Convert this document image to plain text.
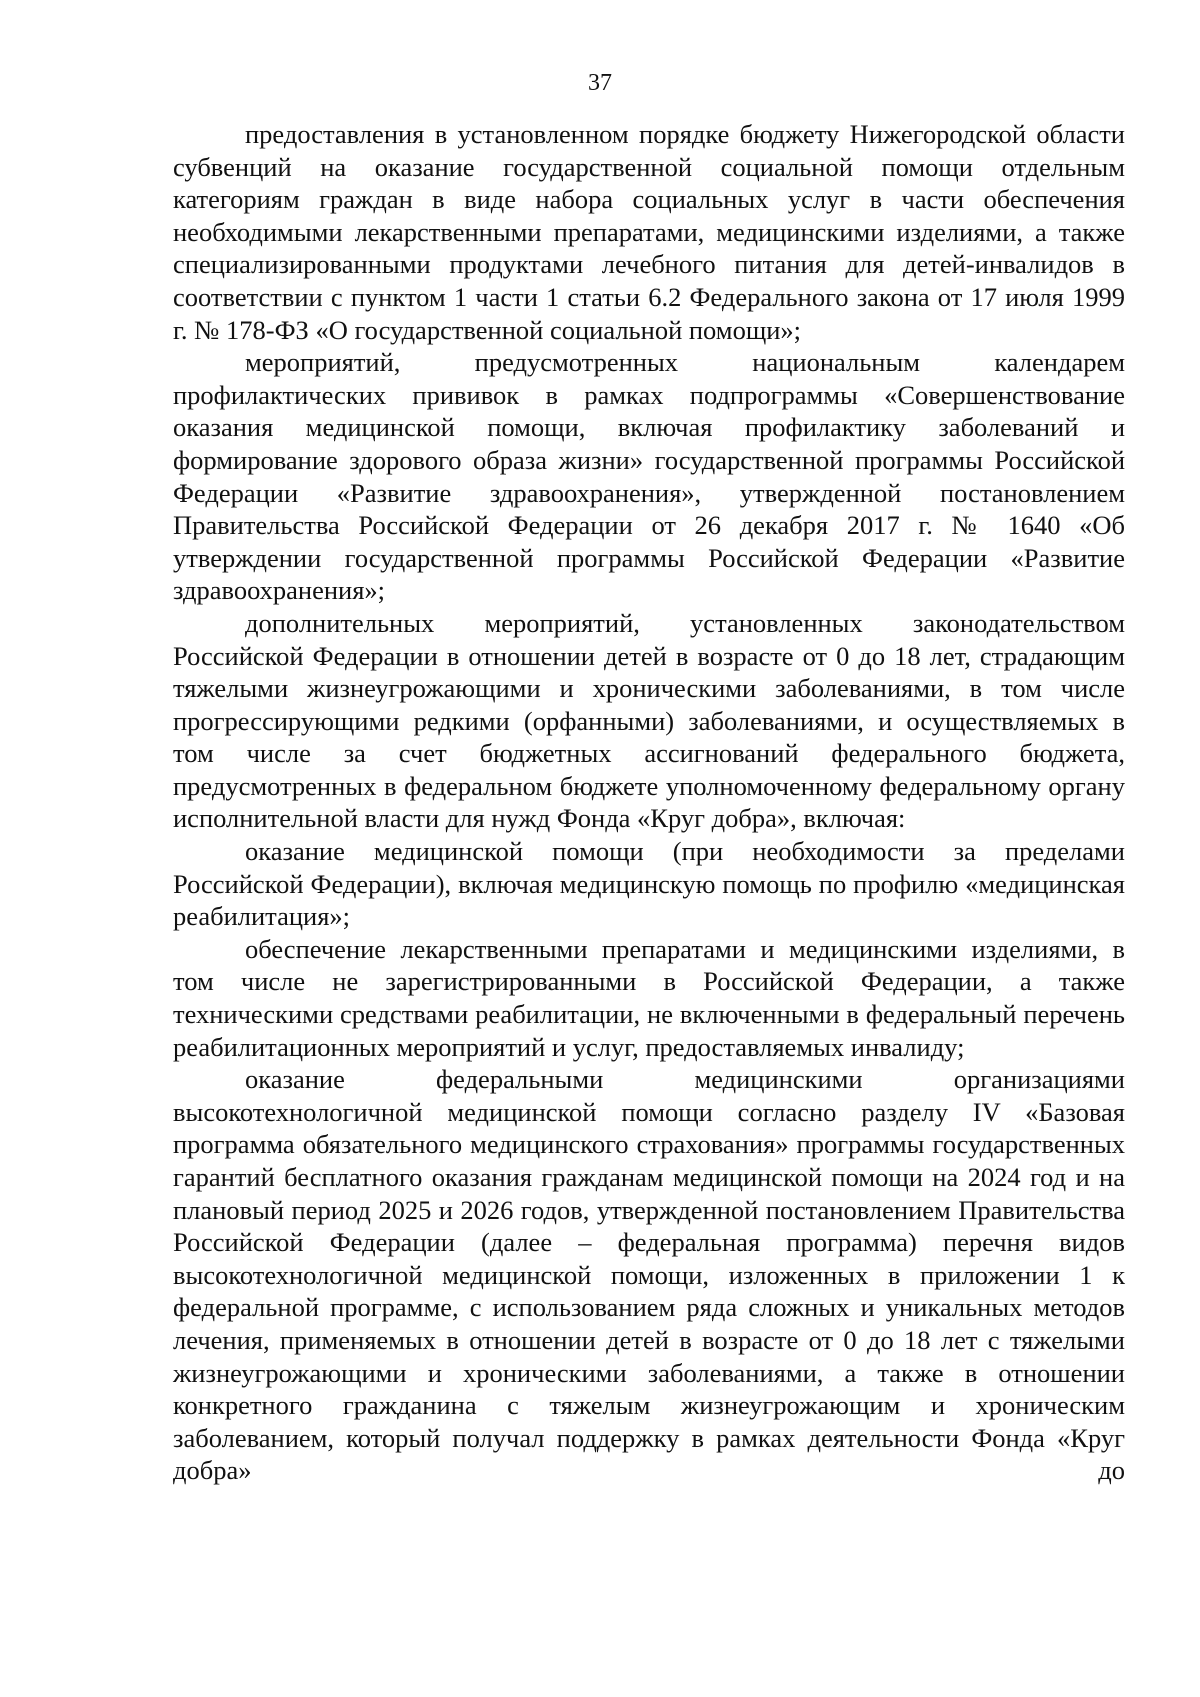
37

предоставления в установленном порядке бюджету Нижегородской области субвенций на оказание государственной социальной помощи отдельным категориям граждан в виде набора социальных услуг в части обеспечения необходимыми лекарственными препаратами, медицинскими изделиями, а также специализированными продуктами лечебного питания для детей-инвалидов в соответствии с пунктом 1 части 1 статьи 6.2 Федерального закона от 17 июля 1999 г. № 178-ФЗ «О государственной социальной помощи»;

мероприятий, предусмотренных национальным календарем профилактических прививок в рамках подпрограммы «Совершенствование оказания медицинской помощи, включая профилактику заболеваний и формирование здорового образа жизни» государственной программы Российской Федерации «Развитие здравоохранения», утвержденной постановлением Правительства Российской Федерации от 26 декабря 2017 г. № 1640 «Об утверждении государственной программы Российской Федерации «Развитие здравоохранения»;

дополнительных мероприятий, установленных законодательством Российской Федерации в отношении детей в возрасте от 0 до 18 лет, страдающим тяжелыми жизнеугрожающими и хроническими заболеваниями, в том числе прогрессирующими редкими (орфанными) заболеваниями, и осуществляемых в том числе за счет бюджетных ассигнований федерального бюджета, предусмотренных в федеральном бюджете уполномоченному федеральному органу исполнительной власти для нужд Фонда «Круг добра», включая:

оказание медицинской помощи (при необходимости за пределами Российской Федерации), включая медицинскую помощь по профилю «медицинская реабилитация»;

обеспечение лекарственными препаратами и медицинскими изделиями, в том числе не зарегистрированными в Российской Федерации, а также техническими средствами реабилитации, не включенными в федеральный перечень реабилитационных мероприятий и услуг, предоставляемых инвалиду;

оказание федеральными медицинскими организациями высокотехнологичной медицинской помощи согласно разделу IV «Базовая программа обязательного медицинского страхования» программы государственных гарантий бесплатного оказания гражданам медицинской помощи на 2024 год и на плановый период 2025 и 2026 годов, утвержденной постановлением Правительства Российской Федерации (далее – федеральная программа) перечня видов высокотехнологичной медицинской помощи, изложенных в приложении 1 к федеральной программе, с использованием ряда сложных и уникальных методов лечения, применяемых в отношении детей в возрасте от 0 до 18 лет с тяжелыми жизнеугрожающими и хроническими заболеваниями, а также в отношении конкретного гражданина с тяжелым жизнеугрожающим и хроническим заболеванием, который получал поддержку в рамках деятельности Фонда «Круг добра» до
